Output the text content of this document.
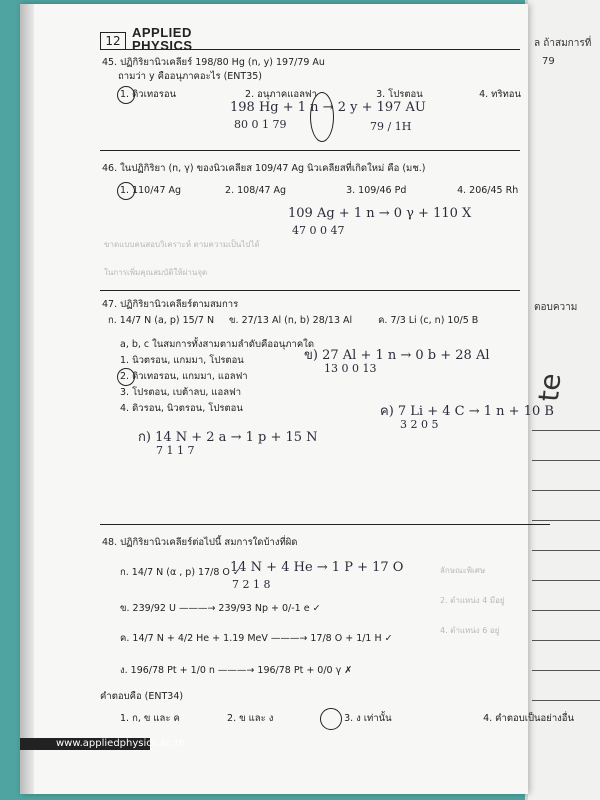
ล ถ้าสมการที่
79
ตอบความ
te
12
APPLIED
PHYSICS
45. ปฏิกิริยานิวเคลียร์ 198/80 Hg (n, y) 197/79 Au
ถามว่า y คืออนุภาคอะไร (ENT35)
1. ดิวเทอรอน	2. อนุภาคแอลฟา	3. โปรตอน	4. ทริทอน
198 Hg + 1 n → 2 y + 197 AU
80 0 1 79	79 / 1H
46. ในปฏิกิริยา (n, γ) ของนิวเคลียส 109/47 Ag นิวเคลียสที่เกิดใหม่ คือ (มช.)
1. 110/47 Ag	2. 108/47 Ag	3. 109/46 Pd	4. 206/45 Rh
109 Ag + 1 n → 0 γ + 110 X
47 0 0 47
ขาดแบบคนสอบวิเคราะห์ ตามความเป็นไปได้
ในการเพิ่มคุณสมบัติให้ผ่านจุด
47. ปฏิกิริยานิวเคลียร์ตามสมการ
ก. 14/7 N (a, p) 15/7 N ข. 27/13 Al (n, b) 28/13 Al	ค. 7/3 Li (c, n) 10/5 B
a, b, c ในสมการทั้งสามตามลำดับคืออนุภาคใด
1. นิวตรอน, แกมมา, โปรตอน
2. ดิวเทอรอน, แกมมา, แอลฟา
3. โปรตอน, เบต้าลบ, แอลฟา
4. ดิวรอน, นิวตรอน, โปรตอน
ข) 27 Al + 1 n → 0 b + 28 Al
13 0 0 13
ค) 7 Li + 4 C → 1 n + 10 B
3 2 0 5
ก) 14 N + 2 a → 1 p + 15 N
7 1 1 7
48. ปฏิกิริยานิวเคลียร์ต่อไปนี้ สมการใดบ้างที่ผิด
ก. 14/7 N (α , p) 17/8 O ✓
14 N + 4 He → 1 P + 17 O
7 2 1 8
ข. 239/92 U ———→ 239/93 Np + 0/-1 e ✓
ค. 14/7 N + 4/2 He + 1.19 MeV ———→ 17/8 O + 1/1 H ✓
ง. 196/78 Pt + 1/0 n ———→ 196/78 Pt + 0/0 γ ✗
คำตอบคือ (ENT34)
1. ก, ข และ ค	2. ข และ ง	3. ง เท่านั้น	4. คำตอบเป็นอย่างอื่น
ลักษณะพิเศษ
2. ตำแหน่ง 4 มีอยู่
4. ตำแหน่ง 6 อยู่
www.appliedphysics.ac.th
